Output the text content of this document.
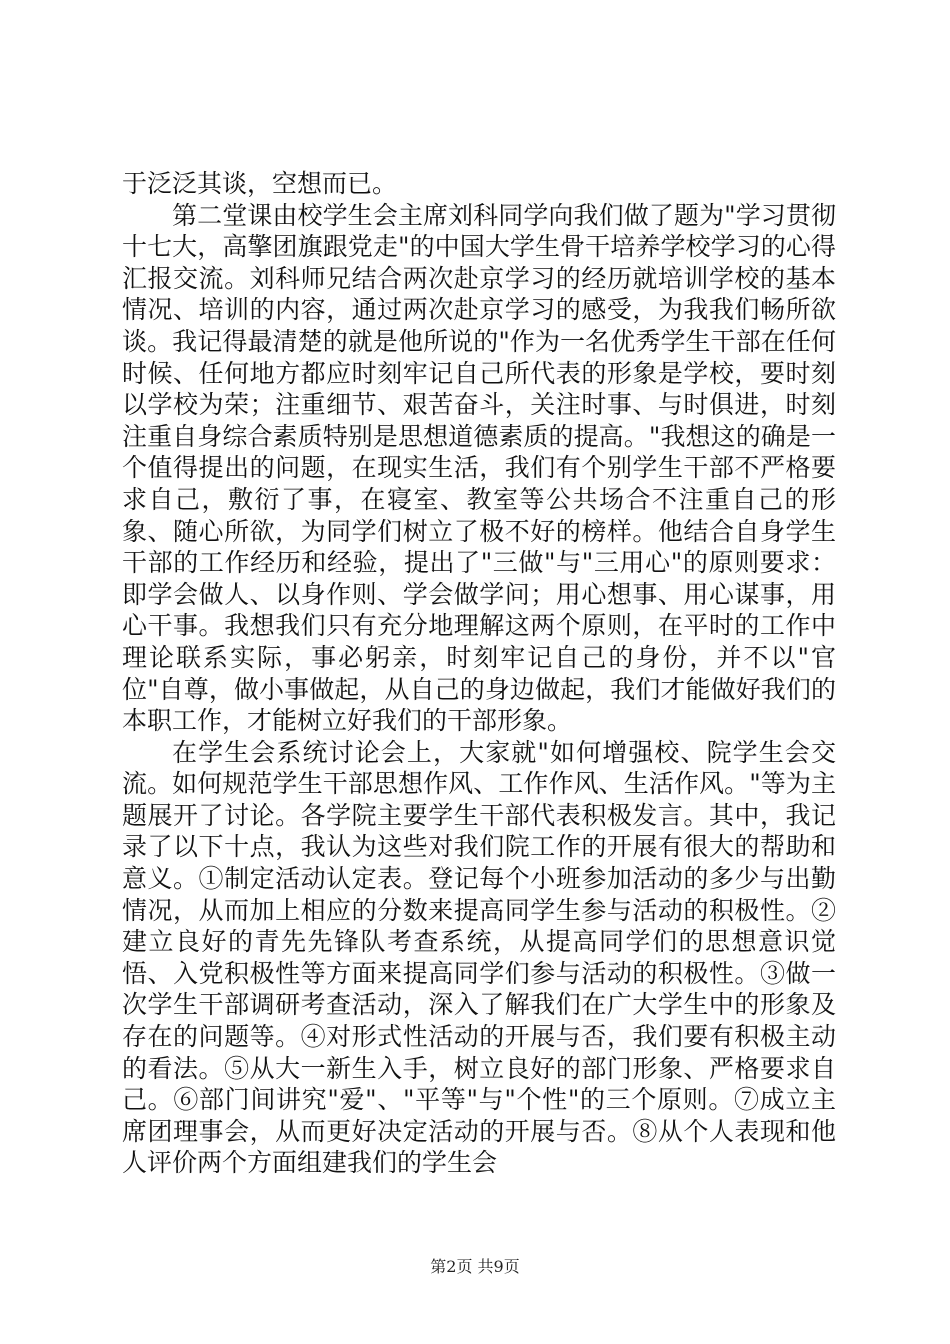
于泛泛其谈，空想而已。

第二堂课由校学生会主席刘科同学向我们做了题为"学习贯彻十七大，高擎团旗跟党走"的中国大学生骨干培养学校学习的心得汇报交流。刘科师兄结合两次赴京学习的经历就培训学校的基本情况、培训的内容，通过两次赴京学习的感受，为我我们畅所欲谈。我记得最清楚的就是他所说的"作为一名优秀学生干部在任何时候、任何地方都应时刻牢记自己所代表的形象是学校，要时刻以学校为荣；注重细节、艰苦奋斗，关注时事、与时俱进，时刻注重自身综合素质特别是思想道德素质的提高。"我想这的确是一个值得提出的问题，在现实生活，我们有个别学生干部不严格要求自己，敷衍了事，在寝室、教室等公共场合不注重自己的形象、随心所欲，为同学们树立了极不好的榜样。他结合自身学生干部的工作经历和经验，提出了"三做"与"三用心"的原则要求：即学会做人、以身作则、学会做学问；用心想事、用心谋事，用心干事。我想我们只有充分地理解这两个原则，在平时的工作中理论联系实际，事必躬亲，时刻牢记自己的身份，并不以"官位"自尊，做小事做起，从自己的身边做起，我们才能做好我们的本职工作，才能树立好我们的干部形象。

在学生会系统讨论会上，大家就"如何增强校、院学生会交流。如何规范学生干部思想作风、工作作风、生活作风。"等为主题展开了讨论。各学院主要学生干部代表积极发言。其中，我记录了以下十点，我认为这些对我们院工作的开展有很大的帮助和意义。①制定活动认定表。登记每个小班参加活动的多少与出勤情况，从而加上相应的分数来提高同学生参与活动的积极性。②建立良好的青先先锋队考查系统，从提高同学们的思想意识觉悟、入党积极性等方面来提高同学们参与活动的积极性。③做一次学生干部调研考查活动，深入了解我们在广大学生中的形象及存在的问题等。④对形式性活动的开展与否，我们要有积极主动的看法。⑤从大一新生入手，树立良好的部门形象、严格要求自己。⑥部门间讲究"爱"、"平等"与"个性"的三个原则。⑦成立主席团理事会，从而更好决定活动的开展与否。⑧从个人表现和他人评价两个方面组建我们的学生会

第2页 共9页
